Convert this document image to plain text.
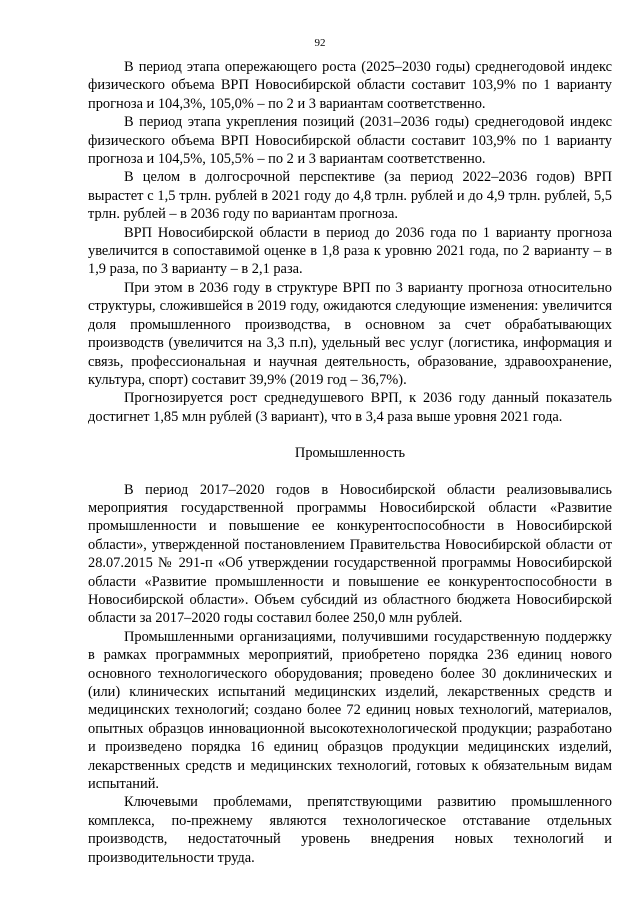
92

В период этапа опережающего роста (2025–2030 годы) среднегодовой индекс физического объема ВРП Новосибирской области составит 103,9% по 1 варианту прогноза и 104,3%, 105,0% – по 2 и 3 вариантам соответственно.

В период этапа укрепления позиций (2031–2036 годы) среднегодовой индекс физического объема ВРП Новосибирской области составит 103,9% по 1 варианту прогноза и 104,5%, 105,5% – по 2 и 3 вариантам соответственно.

В целом в долгосрочной перспективе (за период 2022–2036 годов) ВРП вырастет с 1,5 трлн. рублей в 2021 году до 4,8 трлн. рублей и до 4,9 трлн. рублей, 5,5 трлн. рублей – в 2036 году по вариантам прогноза.

ВРП Новосибирской области в период до 2036 года по 1 варианту прогноза увеличится в сопоставимой оценке в 1,8 раза к уровню 2021 года, по 2 варианту – в 1,9 раза, по 3 варианту – в 2,1 раза.

При этом в 2036 году в структуре ВРП по 3 варианту прогноза относительно структуры, сложившейся в 2019 году, ожидаются следующие изменения: увеличится доля промышленного производства, в основном за счет обрабатывающих производств (увеличится на 3,3 п.п), удельный вес услуг (логистика, информация и связь, профессиональная и научная деятельность, образование, здравоохранение, культура, спорт) составит 39,9% (2019 год – 36,7%).

Прогнозируется рост среднедушевого ВРП, к 2036 году данный показатель достигнет 1,85 млн рублей (3 вариант), что в 3,4 раза выше уровня 2021 года.

Промышленность

В период 2017–2020 годов в Новосибирской области реализовывались мероприятия государственной программы Новосибирской области «Развитие промышленности и повышение ее конкурентоспособности в Новосибирской области», утвержденной постановлением Правительства Новосибирской области от 28.07.2015 № 291-п «Об утверждении государственной программы Новосибирской области «Развитие промышленности и повышение ее конкурентоспособности в Новосибирской области». Объем субсидий из областного бюджета Новосибирской области за 2017–2020 годы составил более 250,0 млн рублей.

Промышленными организациями, получившими государственную поддержку в рамках программных мероприятий, приобретено порядка 236 единиц нового основного технологического оборудования; проведено более 30 доклинических и (или) клинических испытаний медицинских изделий, лекарственных средств и медицинских технологий; создано более 72 единиц новых технологий, материалов, опытных образцов инновационной высокотехнологической продукции; разработано и произведено порядка 16 единиц образцов продукции медицинских изделий, лекарственных средств и медицинских технологий, готовых к обязательным видам испытаний.

Ключевыми проблемами, препятствующими развитию промышленного комплекса, по-прежнему являются технологическое отставание отдельных производств, недостаточный уровень внедрения новых технологий и производительности труда.
